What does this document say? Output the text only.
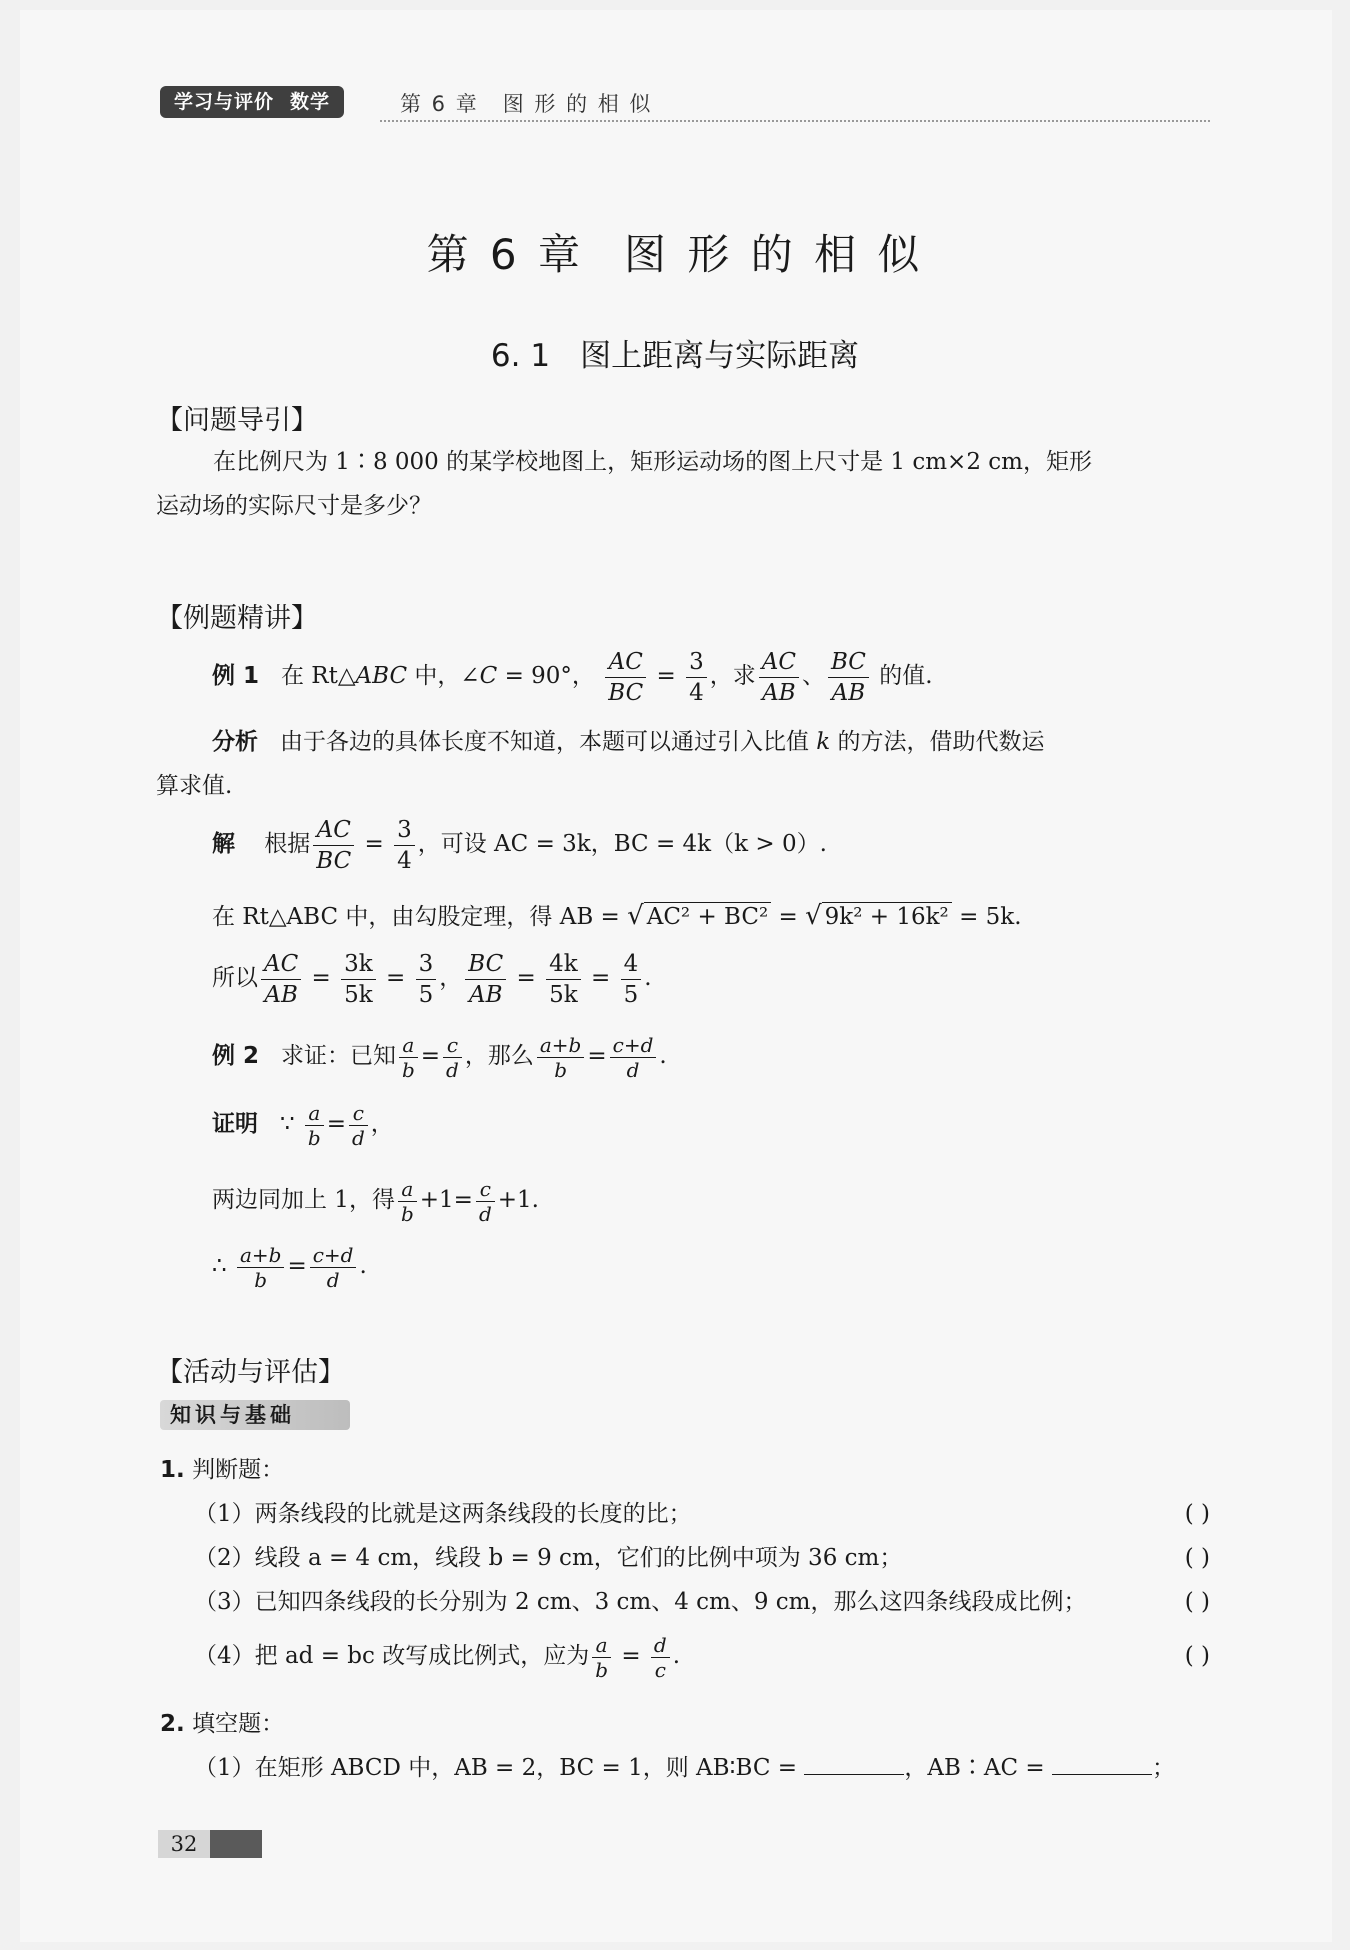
学习与评价 数学	第 6 章 图 形 的 相 似
第 6 章 图 形 的 相 似
6. 1 图上距离与实际距离
【问题导引】
在比例尺为 1∶8 000 的某学校地图上，矩形运动场的图上尺寸是 1 cm×2 cm，矩形
运动场的实际尺寸是多少？
【例题精讲】
例 1 在 Rt△ABC 中，∠C = 90°， $\frac{AC}{BC} = \frac{3}{4}$ ，求 $\frac{AC}{AB}$ 、 $\frac{BC}{AB}$ 的值.
分析 由于各边的具体长度不知道，本题可以通过引入比值 k 的方法，借助代数运
算求值.
解 根据 $\frac{AC}{BC} = \frac{3}{4}$ ，可设 AC = 3k，BC = 4k（k > 0）.
在 Rt△ABC 中，由勾股定理，得 AB = √ AC² + BC² = √ 9k² + 16k² = 5k.
所以 $\frac{AC}{AB} = \frac{3k}{5k} = \frac{3}{5}$ ， $\frac{BC}{AB} = \frac{4k}{5k} = \frac{4}{5}$ .
例 2 求证：已知 $\frac{a}{b} = \frac{c}{d}$ ，那么 $\frac{a+b}{b} = \frac{c+d}{d}$ .
证明 ∵ $\frac{a}{b} = \frac{c}{d}$ ，
两边同加上 1，得 $\frac{a}{b} +1= \frac{c}{d} +1$.
∴ $\frac{a+b}{b} = \frac{c+d}{d}$ .
【活动与评估】
知识与基础
1. 判断题：
（1）两条线段的比就是这两条线段的长度的比；	( )
（2）线段 a = 4 cm，线段 b = 9 cm，它们的比例中项为 36 cm；	( )
（3）已知四条线段的长分别为 2 cm、3 cm、4 cm、9 cm，那么这四条线段成比例；	( )
（4）把 ad = bc 改写成比例式，应为 $\frac{a}{b} = \frac{d}{c}$ .	( )
2. 填空题：
（1）在矩形 ABCD 中，AB = 2，BC = 1，则 AB∶BC =	，AB∶AC =	；
32
